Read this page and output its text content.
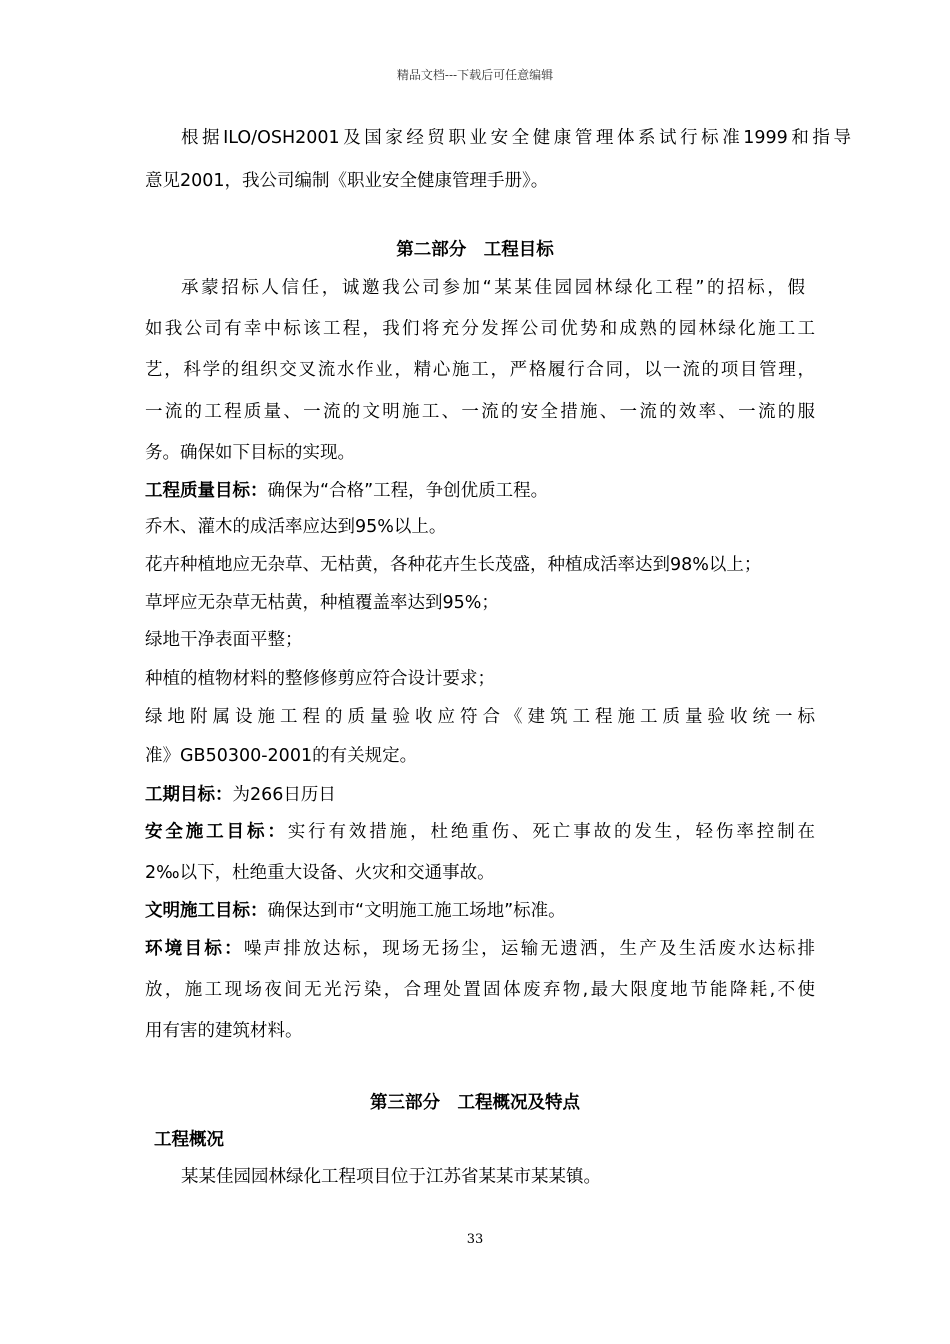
精品文档---下载后可任意编辑
根据ILO/OSH2001及国家经贸职业安全健康管理体系试行标准1999和指导
意见2001，我公司编制《职业安全健康管理手册》。
第二部分　工程目标
承蒙招标人信任，诚邀我公司参加“某某佳园园林绿化工程”的招标，假
如我公司有幸中标该工程，我们将充分发挥公司优势和成熟的园林绿化施工工
艺，科学的组织交叉流水作业，精心施工，严格履行合同，以一流的项目管理，
一流的工程质量、一流的文明施工、一流的安全措施、一流的效率、一流的服
务。确保如下目标的实现。
工程质量目标：确保为“合格”工程，争创优质工程。
乔木、灌木的成活率应达到95%以上。
花卉种植地应无杂草、无枯黄，各种花卉生长茂盛，种植成活率达到98%以上；
草坪应无杂草无枯黄，种植覆盖率达到95%；
绿地干净表面平整；
种植的植物材料的整修修剪应符合设计要求；
绿地附属设施工程的质量验收应符合《建筑工程施工质量验收统一标
准》GB50300-2001的有关规定。
工期目标：为266日历日
安全施工目标：实行有效措施，杜绝重伤、死亡事故的发生，轻伤率控制在
2‰以下，杜绝重大设备、火灾和交通事故。
文明施工目标：确保达到市“文明施工施工场地”标准。
环境目标：噪声排放达标，现场无扬尘，运输无遗洒，生产及生活废水达标排
放，施工现场夜间无光污染，合理处置固体废弃物,最大限度地节能降耗,不使
用有害的建筑材料。
第三部分　工程概况及特点
工程概况
某某佳园园林绿化工程项目位于江苏省某某市某某镇。
33
